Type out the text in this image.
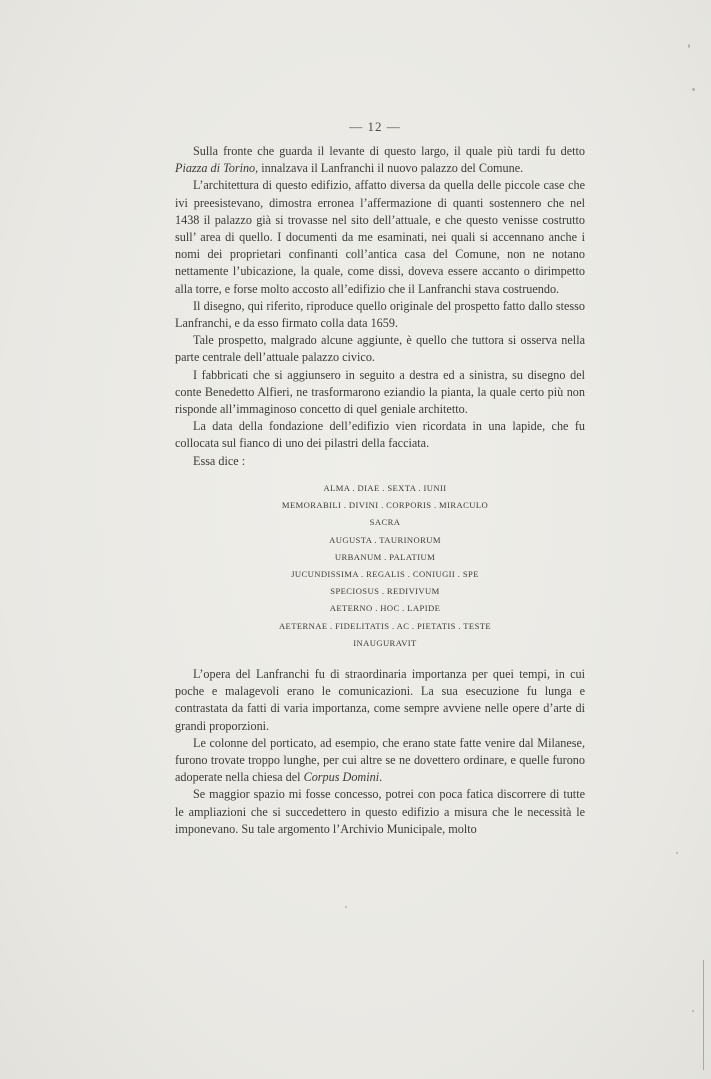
— 12 —

Sulla fronte che guarda il levante di questo largo, il quale più tardi fu detto Piazza di Torino, innalzava il Lanfranchi il nuovo palazzo del Comune.

L’architettura di questo edifizio, affatto diversa da quella delle piccole case che ivi preesistevano, dimostra erronea l’affermazione di quanti sostennero che nel 1438 il palazzo già si trovasse nel sito dell’attuale, e che questo venisse costrutto sull’ area di quello. I documenti da me esaminati, nei quali si accennano anche i nomi dei proprietari confinanti coll’antica casa del Comune, non ne notano nettamente l’ubicazione, la quale, come dissi, doveva essere accanto o dirimpetto alla torre, e forse molto accosto all’edifizio che il Lanfranchi stava costruendo.

Il disegno, qui riferito, riproduce quello originale del prospetto fatto dallo stesso Lanfranchi, e da esso firmato colla data 1659.

Tale prospetto, malgrado alcune aggiunte, è quello che tuttora si osserva nella parte centrale dell’attuale palazzo civico.

I fabbricati che si aggiunsero in seguito a destra ed a sinistra, su disegno del conte Benedetto Alfieri, ne trasformarono eziandio la pianta, la quale certo più non risponde all’immaginoso concetto di quel geniale architetto.

La data della fondazione dell’edifizio vien ricordata in una lapide, che fu collocata sul fianco di uno dei pilastri della facciata.

Essa dice :

ALMA . DIAE . SEXTA . IUNII
MEMORABILI . DIVINI . CORPORIS . MIRACULO
SACRA
AUGUSTA . TAURINORUM
URBANUM . PALATIUM
JUCUNDISSIMA . REGALIS . CONIUGII . SPE
SPECIOSUS . REDIVIVUM
AETERNO . HOC . LAPIDE
AETERNAE . FIDELITATIS . AC . PIETATIS . TESTE
INAUGURAVIT

L’opera del Lanfranchi fu di straordinaria importanza per quei tempi, in cui poche e malagevoli erano le comunicazioni. La sua esecuzione fu lunga e contrastata da fatti di varia importanza, come sempre avviene nelle opere d’arte di grandi proporzioni.

Le colonne del porticato, ad esempio, che erano state fatte venire dal Milanese, furono trovate troppo lunghe, per cui altre se ne dovettero ordinare, e quelle furono adoperate nella chiesa del Corpus Domini.

Se maggior spazio mi fosse concesso, potrei con poca fatica discorrere di tutte le ampliazioni che si succedettero in questo edifizio a misura che le necessità le imponevano. Su tale argomento l’Archivio Municipale, molto
